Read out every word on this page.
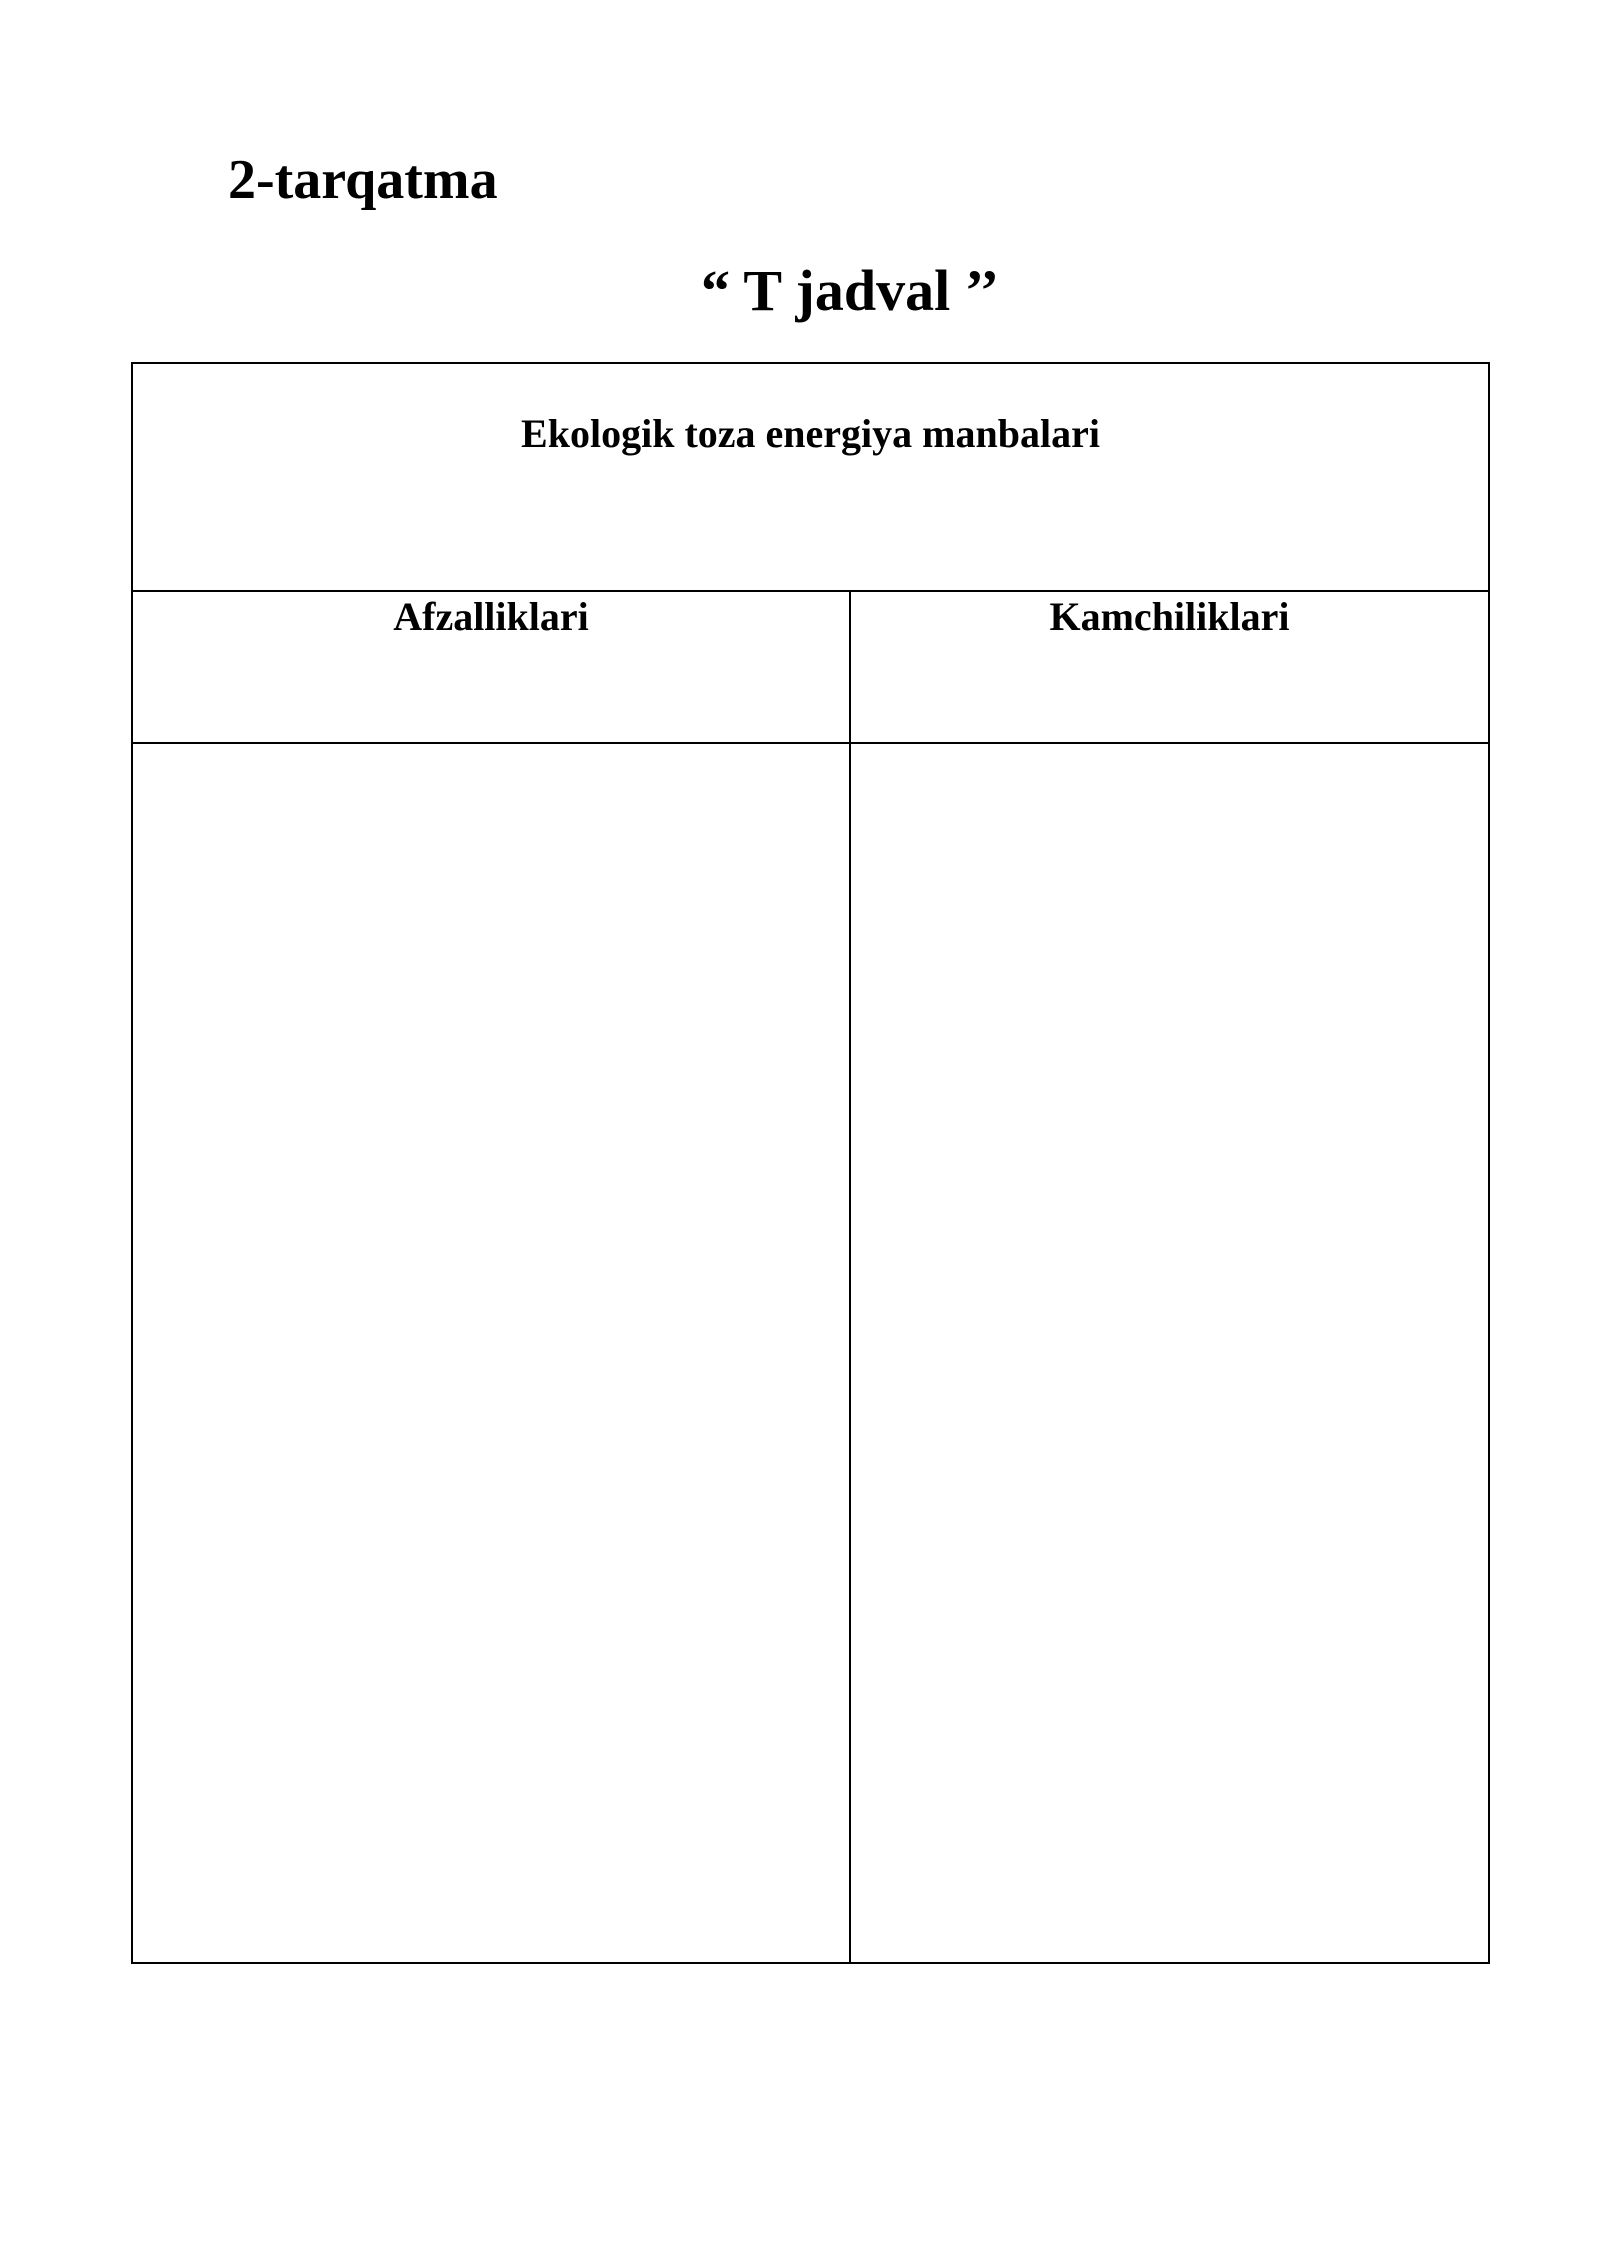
2-tarqatma
“ T jadval ’’
Ekologik toza energiya manbalari
Afzalliklari	Kamchiliklari
